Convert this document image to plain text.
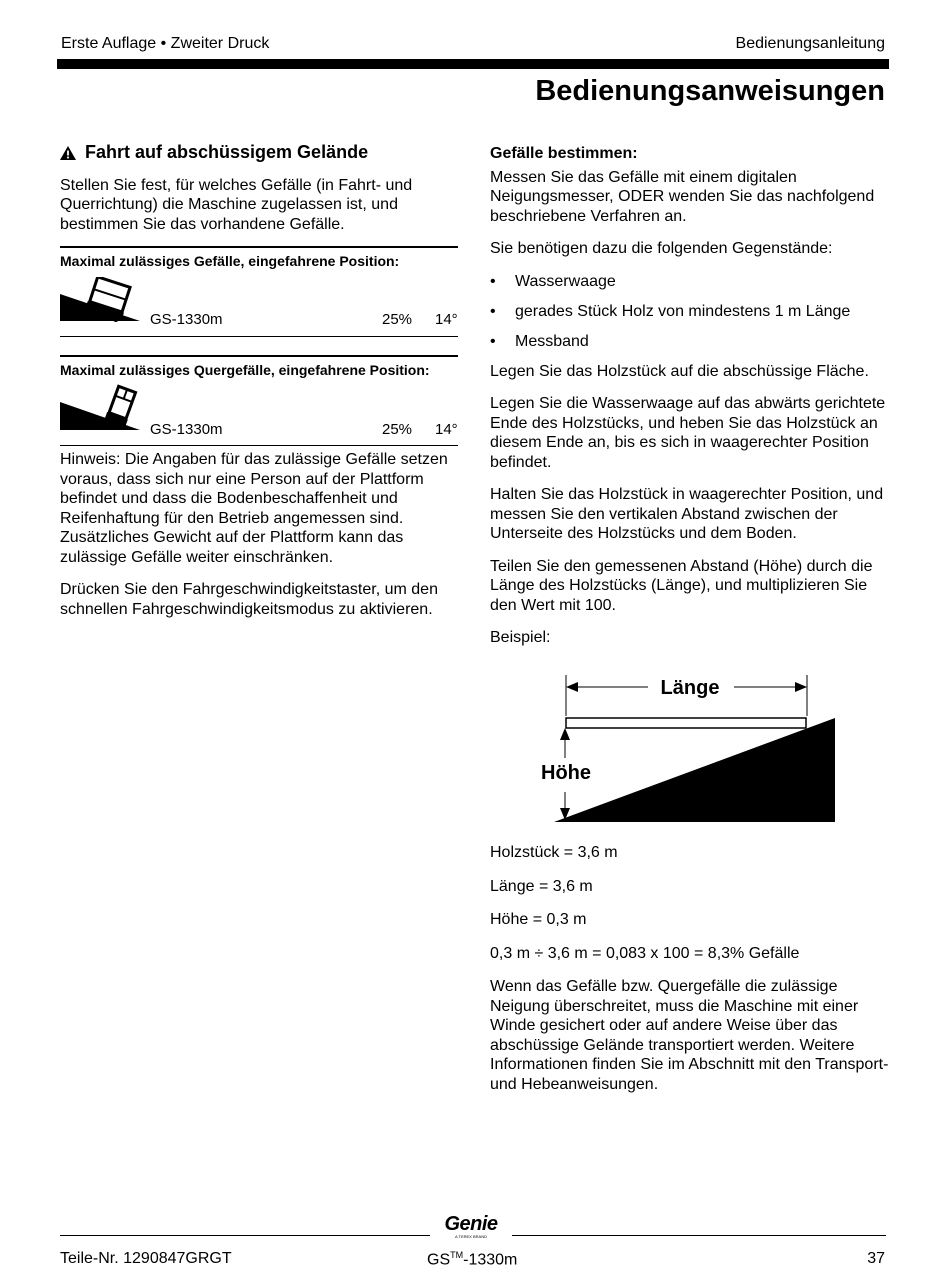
Erste Auflage • Zweiter Druck	Bedienungsanleitung
Bedienungsanweisungen
Fahrt auf abschüssigem Gelände

Stellen Sie fest, für welches Gefälle (in Fahrt- und Querrichtung) die Maschine zugelassen ist, und bestimmen Sie das vorhandene Gefälle.

Maximal zulässiges Gefälle, eingefahrene Position:
GS-1330m	25% 14°
Maximal zulässiges Quergefälle, eingefahrene Position:
GS-1330m	25% 14°

Hinweis: Die Angaben für das zulässige Gefälle setzen voraus, dass sich nur eine Person auf der Plattform befindet und dass die Bodenbeschaffenheit und Reifenhaftung für den Betrieb angemessen sind. Zusätzliches Gewicht auf der Plattform kann das zulässige Gefälle weiter einschränken.

Drücken Sie den Fahrgeschwindigkeitstaster, um den schnellen Fahrgeschwindigkeitsmodus zu aktivieren.

Gefälle bestimmen:

Messen Sie das Gefälle mit einem digitalen Neigungsmesser, ODER wenden Sie das nachfolgend beschriebene Verfahren an.

Sie benötigen dazu die folgenden Gegenstände:

• Wasserwaage
• gerades Stück Holz von mindestens 1 m Länge
• Messband

Legen Sie das Holzstück auf die abschüssige Fläche.

Legen Sie die Wasserwaage auf das abwärts gerichtete Ende des Holzstücks, und heben Sie das Holzstück an diesem Ende an, bis es sich in waagerechter Position befindet.

Halten Sie das Holzstück in waagerechter Position, und messen Sie den vertikalen Abstand zwischen der Unterseite des Holzstücks und dem Boden.

Teilen Sie den gemessenen Abstand (Höhe) durch die Länge des Holzstücks (Länge), und multiplizieren Sie den Wert mit 100.

Beispiel:

Länge
Höhe

Holzstück = 3,6 m

Länge = 3,6 m

Höhe = 0,3 m

0,3 m ÷ 3,6 m = 0,083 x 100 = 8,3% Gefälle

Wenn das Gefälle bzw. Quergefälle die zulässige Neigung überschreitet, muss die Maschine mit einer Winde gesichert oder auf andere Weise über das abschüssige Gelände transportiert werden. Weitere Informationen finden Sie im Abschnitt mit den Transport- und Hebeanweisungen.

Genie
A TEREX BRAND
Teile-Nr. 1290847GRGT	GS™-1330m	37
